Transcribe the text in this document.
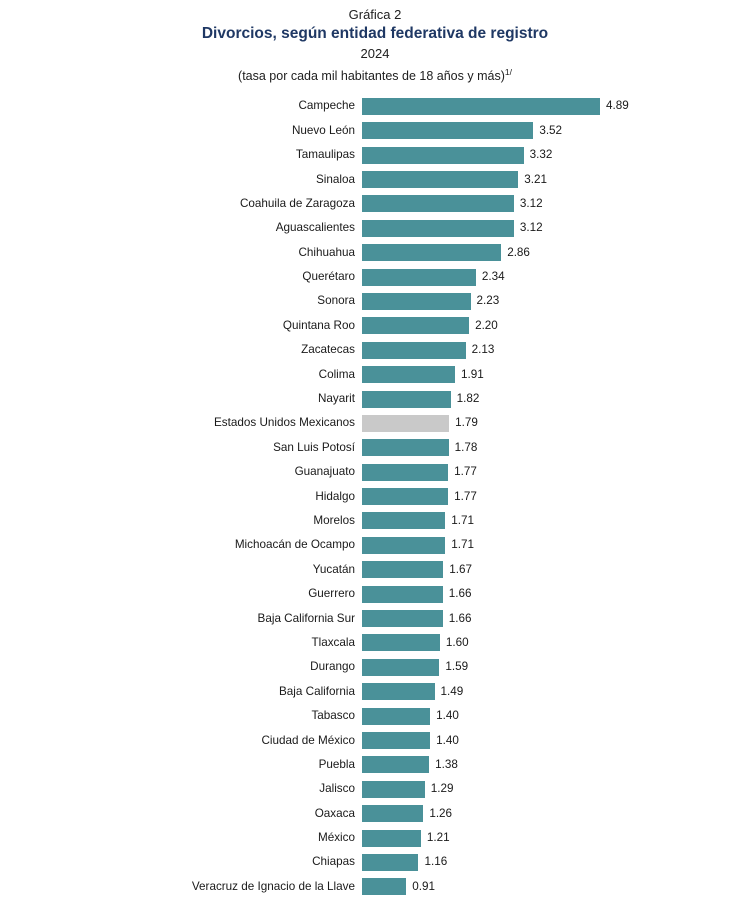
Gráfica 2
Divorcios, según entidad federativa de registro
2024
(tasa por cada mil habitantes de 18 años y más)$^{1/}$
Campeche	4.89
Nuevo León	3.52
Tamaulipas	3.32
Sinaloa	3.21
Coahuila de Zaragoza	3.12
Aguascalientes	3.12
Chihuahua	2.86
Querétaro	2.34
Sonora	2.23
Quintana Roo	2.20
Zacatecas	2.13
Colima	1.91
Nayarit	1.82
Estados Unidos Mexicanos	1.79
San Luis Potosí	1.78
Guanajuato	1.77
Hidalgo	1.77
Morelos	1.71
Michoacán de Ocampo	1.71
Yucatán	1.67
Guerrero	1.66
Baja California Sur	1.66
Tlaxcala	1.60
Durango	1.59
Baja California	1.49
Tabasco	1.40
Ciudad de México	1.40
Puebla	1.38
Jalisco	1.29
Oaxaca	1.26
México	1.21
Chiapas	1.16
Veracruz de Ignacio de la Llave	0.91
